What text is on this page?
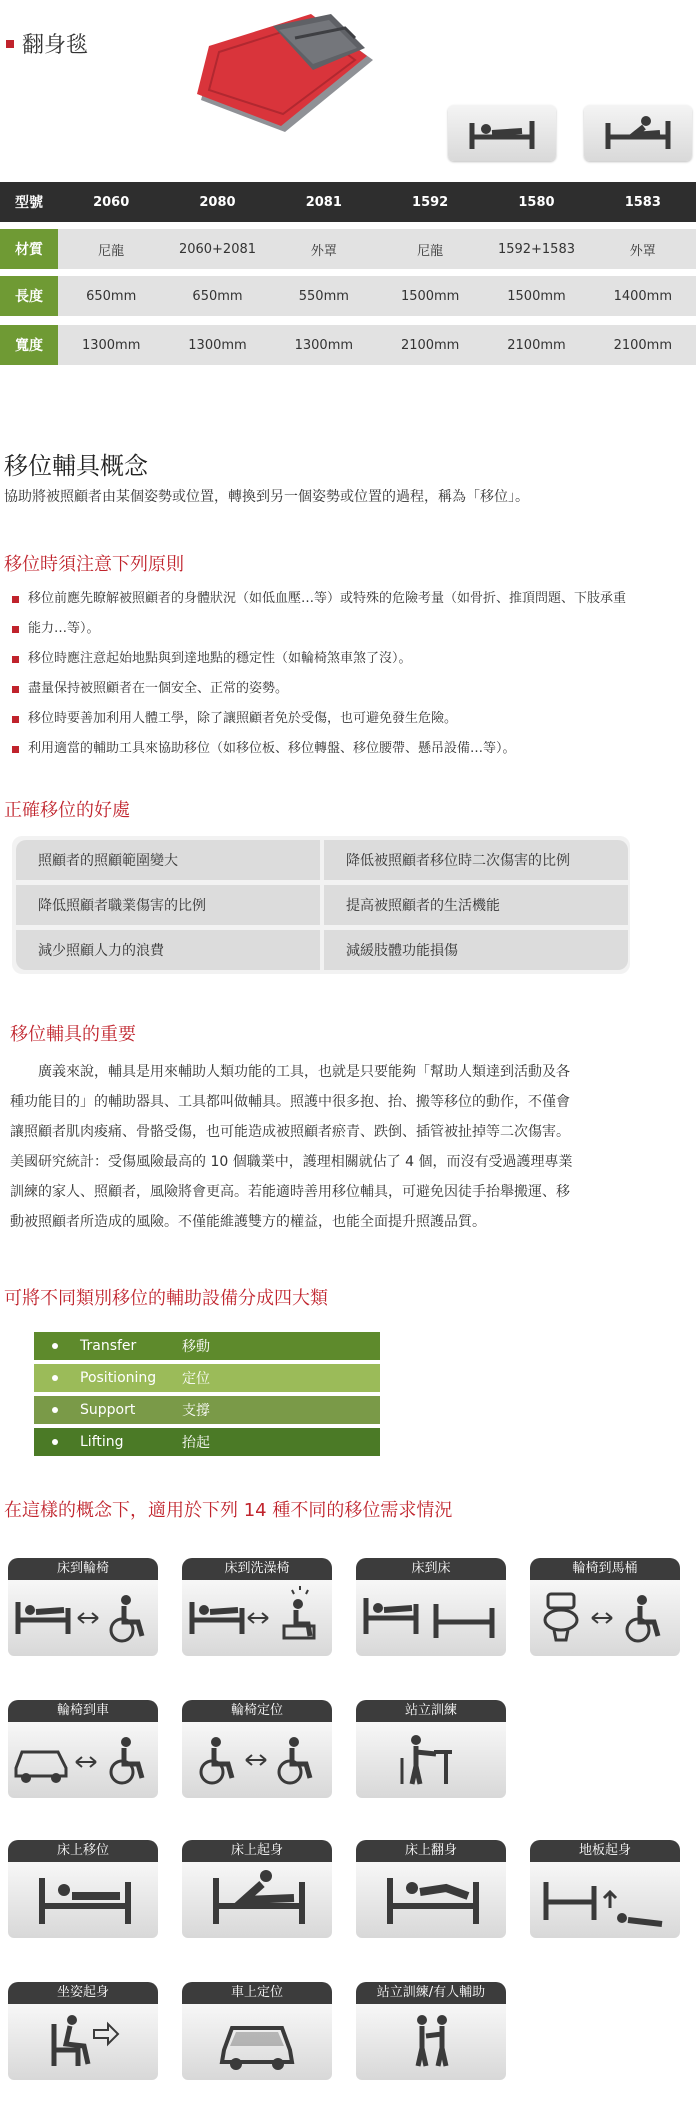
翻身毯
型號	2060	2080	2081	1592	1580	1583
材質	尼龍	2060+2081	外罩	尼龍	1592+1583	外罩
長度	650mm	650mm	550mm	1500mm	1500mm	1400mm
寬度	1300mm	1300mm	1300mm	2100mm	2100mm	2100mm
移位輔具概念
協助將被照顧者由某個姿勢或位置，轉換到另一個姿勢或位置的過程，稱為「移位」。
移位時須注意下列原則
移位前應先瞭解被照顧者的身體狀況（如低血壓…等）或特殊的危險考量（如骨折、推頂問題、下肢承重
能力…等）。
移位時應注意起始地點與到達地點的穩定性（如輪椅煞車煞了沒）。
盡量保持被照顧者在一個安全、正常的姿勢。
移位時要善加利用人體工學，除了讓照顧者免於受傷，也可避免發生危險。
利用適當的輔助工具來協助移位（如移位板、移位轉盤、移位腰帶、懸吊設備…等）。
正確移位的好處
照顧者的照顧範圍變大	降低被照顧者移位時二次傷害的比例
降低照顧者職業傷害的比例	提高被照顧者的生活機能
減少照顧人力的浪費	減緩肢體功能損傷
移位輔具的重要
　　廣義來說，輔具是用來輔助人類功能的工具，也就是只要能夠「幫助人類達到活動及各
種功能目的」的輔助器具、工具都叫做輔具。照護中很多抱、抬、搬等移位的動作，不僅會
讓照顧者肌肉痠痛、骨骼受傷，也可能造成被照顧者瘀青、跌倒、插管被扯掉等二次傷害。
美國研究統計：受傷風險最高的 10 個職業中，護理相關就佔了 4 個，而沒有受過護理專業
訓練的家人、照顧者，風險將會更高。若能適時善用移位輔具，可避免因徒手抬舉搬運、移
動被照顧者所造成的風險。不僅能維護雙方的權益，也能全面提升照護品質。
可將不同類別移位的輔助設備分成四大類
Transfer	移動
Positioning	定位
Support	支撐
Lifting	抬起
在這樣的概念下，適用於下列 14 種不同的移位需求情況
床到輪椅	床到洗澡椅	床到床	輪椅到馬桶
輪椅到車	輪椅定位	站立訓練
床上移位	床上起身	床上翻身	地板起身
坐姿起身	車上定位	站立訓練/有人輔助
